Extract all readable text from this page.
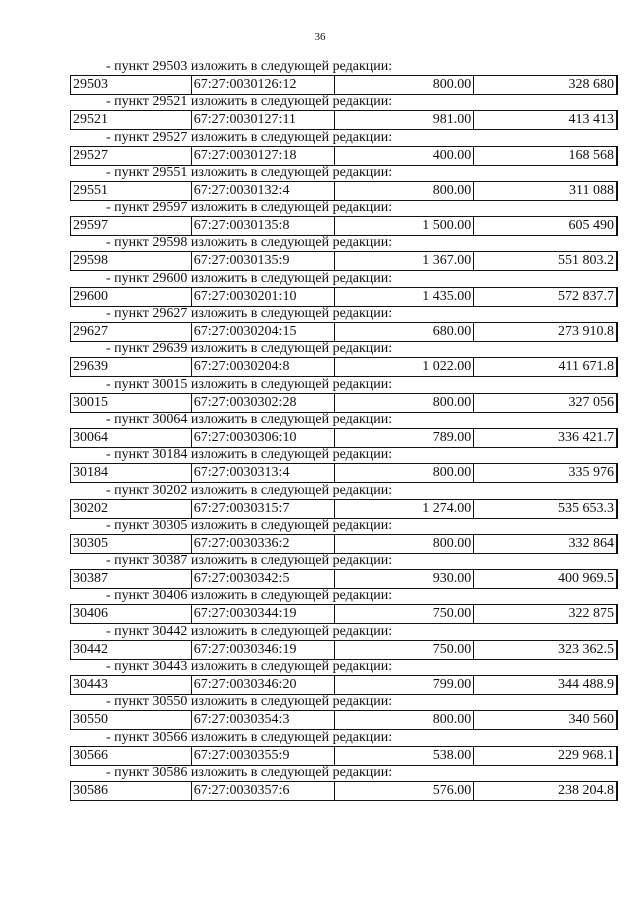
36
- пункт 29503 изложить в следующей редакции:
29503	67:27:0030126:12	800.00	328 680
- пункт 29521 изложить в следующей редакции:
29521	67:27:0030127:11	981.00	413 413
- пункт 29527 изложить в следующей редакции:
29527	67:27:0030127:18	400.00	168 568
- пункт 29551 изложить в следующей редакции:
29551	67:27:0030132:4	800.00	311 088
- пункт 29597 изложить в следующей редакции:
29597	67:27:0030135:8	1 500.00	605 490
- пункт 29598 изложить в следующей редакции:
29598	67:27:0030135:9	1 367.00	551 803.2
- пункт 29600 изложить в следующей редакции:
29600	67:27:0030201:10	1 435.00	572 837.7
- пункт 29627 изложить в следующей редакции:
29627	67:27:0030204:15	680.00	273 910.8
- пункт 29639 изложить в следующей редакции:
29639	67:27:0030204:8	1 022.00	411 671.8
- пункт 30015 изложить в следующей редакции:
30015	67:27:0030302:28	800.00	327 056
- пункт 30064 изложить в следующей редакции:
30064	67:27:0030306:10	789.00	336 421.7
- пункт 30184 изложить в следующей редакции:
30184	67:27:0030313:4	800.00	335 976
- пункт 30202 изложить в следующей редакции:
30202	67:27:0030315:7	1 274.00	535 653.3
- пункт 30305 изложить в следующей редакции:
30305	67:27:0030336:2	800.00	332 864
- пункт 30387 изложить в следующей редакции:
30387	67:27:0030342:5	930.00	400 969.5
- пункт 30406 изложить в следующей редакции:
30406	67:27:0030344:19	750.00	322 875
- пункт 30442 изложить в следующей редакции:
30442	67:27:0030346:19	750.00	323 362.5
- пункт 30443 изложить в следующей редакции:
30443	67:27:0030346:20	799.00	344 488.9
- пункт 30550 изложить в следующей редакции:
30550	67:27:0030354:3	800.00	340 560
- пункт 30566 изложить в следующей редакции:
30566	67:27:0030355:9	538.00	229 968.1
- пункт 30586 изложить в следующей редакции:
30586	67:27:0030357:6	576.00	238 204.8
